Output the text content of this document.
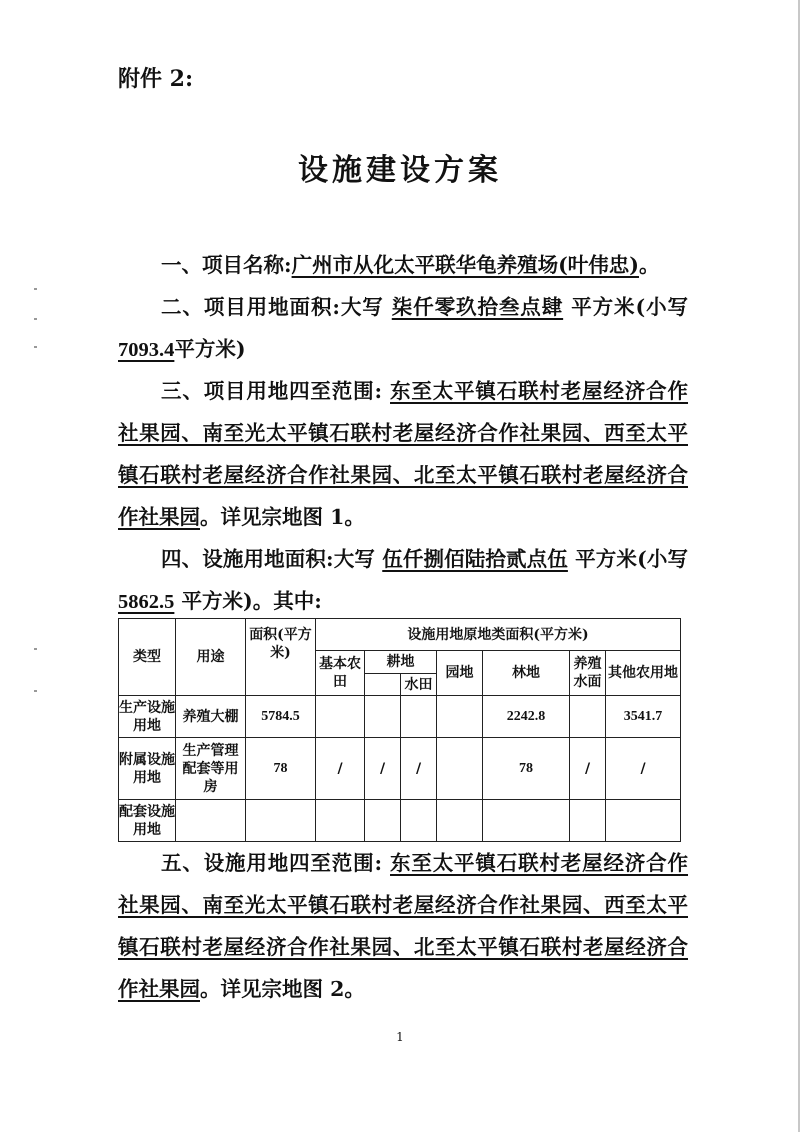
附件 2:
设施建设方案
一、项目名称:广州市从化太平联华龟养殖场(叶伟忠)。
二、项目用地面积:大写 柒仟零玖拾叁点肆 平方米(小写 7093.4平方米)
三、项目用地四至范围: 东至太平镇石联村老屋经济合作社果园、南至光太平镇石联村老屋经济合作社果园、西至太平镇石联村老屋经济合作社果园、北至太平镇石联村老屋经济合作社果园。详见宗地图 1。
四、设施用地面积:大写 伍仟捌佰陆拾贰点伍 平方米(小写 5862.5 平方米)。其中:
类型	用途	面积(平方米)	设施用地原地类面积(平方米)						
			基本农田	耕地		园地	林地	养殖水面	其他农用地
					水田				
生产设施用地	养殖大棚	5784.5					2242.8		3541.7
附属设施用地	生产管理配套等用房	78	/	/	/		78	/	/
配套设施用地									
五、设施用地四至范围: 东至太平镇石联村老屋经济合作社果园、南至光太平镇石联村老屋经济合作社果园、西至太平镇石联村老屋经济合作社果园、北至太平镇石联村老屋经济合作社果园。详见宗地图 2。
1
